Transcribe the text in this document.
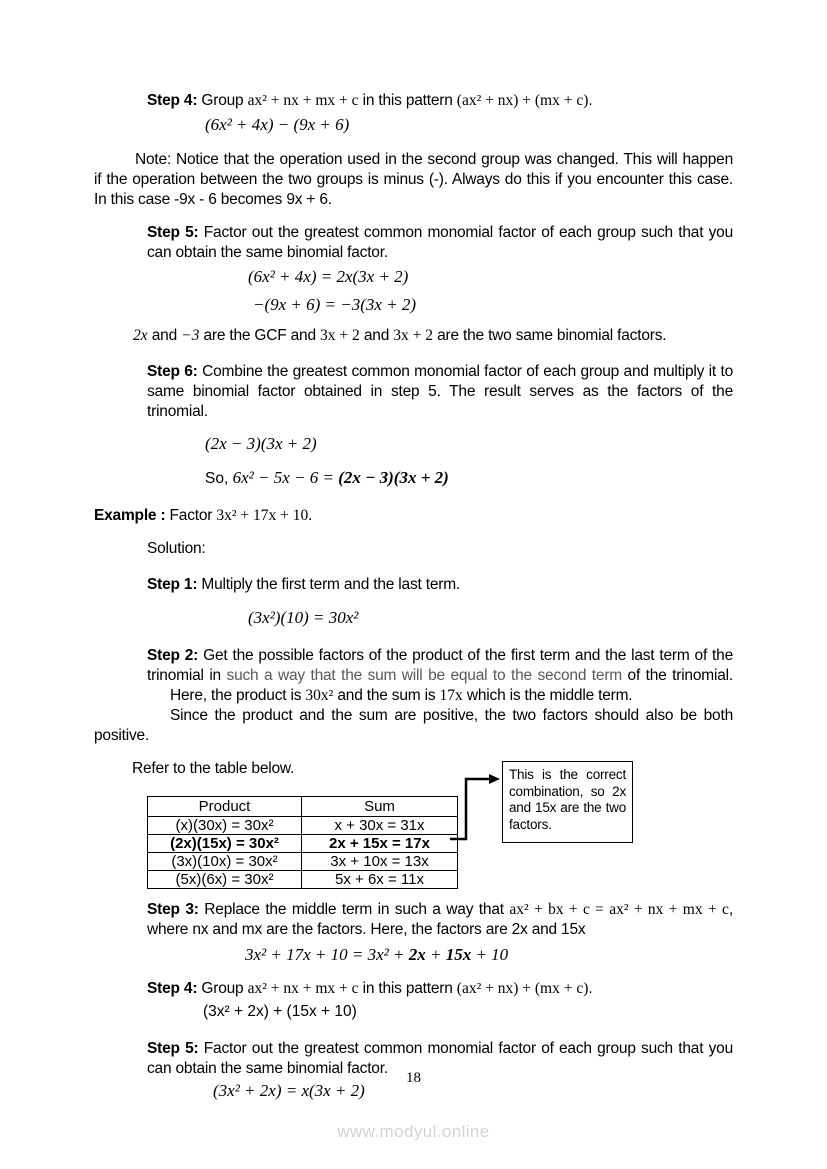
Step 4: Group ax² + nx + mx + c in this pattern (ax² + nx) + (mx + c).
(6x² + 4x) − (9x + 6)
Note: Notice that the operation used in the second group was changed. This will happen
if the operation between the two groups is minus (-). Always do this if you encounter this case.
In this case -9x - 6 becomes 9x + 6.
Step 5: Factor out the greatest common monomial factor of each group such that you
can obtain the same binomial factor.
(6x² + 4x) = 2x(3x + 2)
−(9x + 6) = −3(3x + 2)
2x and −3 are the GCF and 3x + 2 and 3x + 2 are the two same binomial factors.
Step 6: Combine the greatest common monomial factor of each group and multiply it to
same binomial factor obtained in step 5. The result serves as the factors of the trinomial.
(2x − 3)(3x + 2)
So, 6x² − 5x − 6 = (2x − 3)(3x + 2)
Example : Factor 3x² + 17x + 10.
Solution:
Step 1: Multiply the first term and the last term.
(3x²)(10) = 30x²
Step 2: Get the possible factors of the product of the first term and the last term of the
trinomial in such a way that the sum will be equal to the second term of the trinomial.
Here, the product is 30x² and the sum is 17x which is the middle term.
Since the product and the sum are positive, the two factors should also be both
positive.
Refer to the table below.
Product	Sum
(x)(30x) = 30x²	x + 30x = 31x
(2x)(15x) = 30x²	2x + 15x = 17x
(3x)(10x) = 30x²	3x + 10x = 13x
(5x)(6x) = 30x²	5x + 6x = 11x
This is the correct combination, so 2x and 15x are the two factors.
Step 3: Replace the middle term in such a way that ax² + bx + c = ax² + nx + mx + c,
where nx and mx are the factors. Here, the factors are 2x and 15x
3x² + 17x + 10 = 3x² + 2x + 15x + 10
Step 4: Group ax² + nx + mx + c in this pattern (ax² + nx) + (mx + c).
(3x² + 2x) + (15x + 10)
Step 5: Factor out the greatest common monomial factor of each group such that you
can obtain the same binomial factor.
(3x² + 2x) = x(3x + 2)
18
www.modyul.online
